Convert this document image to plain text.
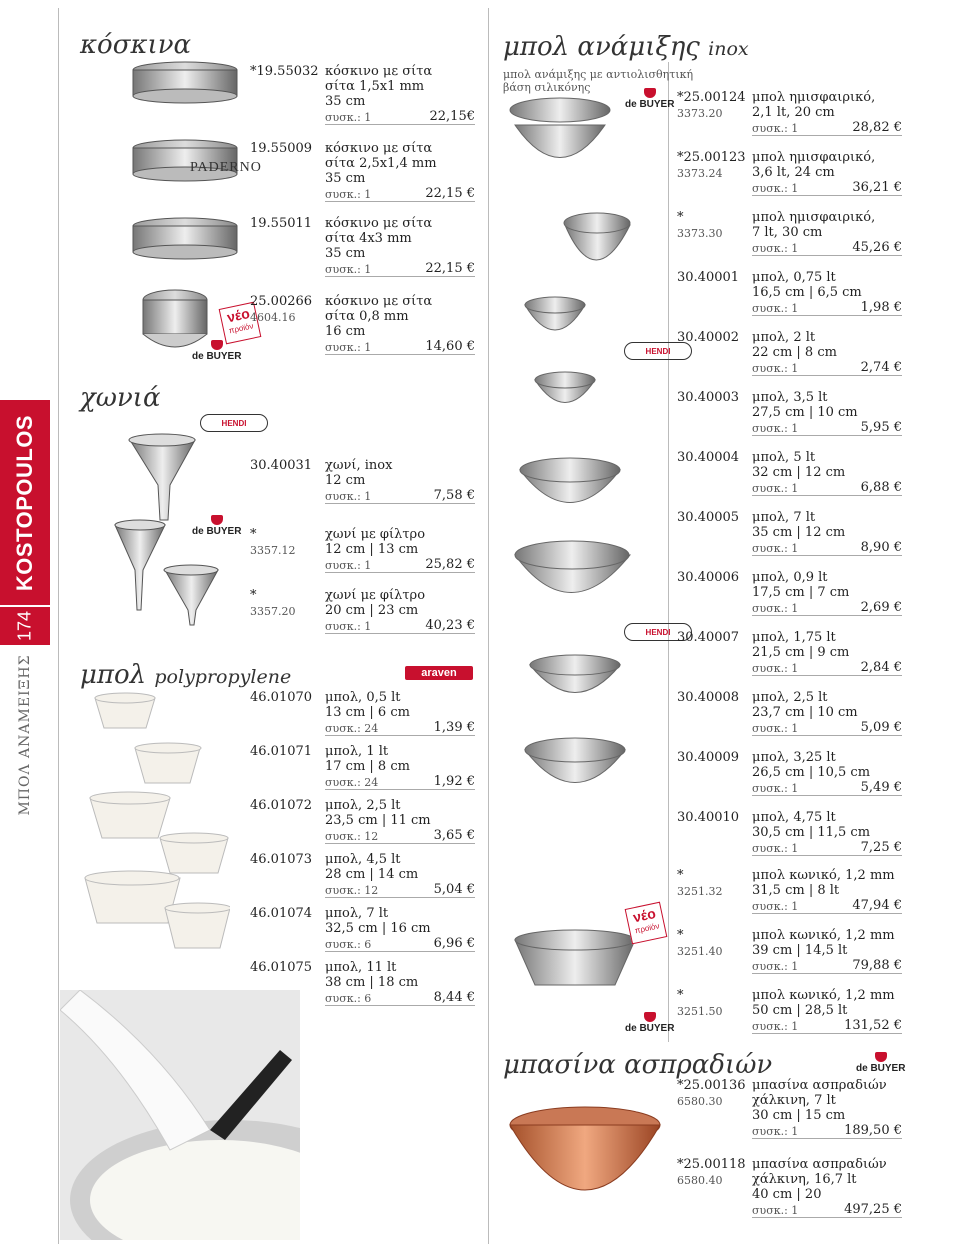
KOSTOPOULOS
174
ΜΠΟΛ ΑΝΑΜΕΙΞΗΣ
κόσκινα
χωνιά
μπολ polypropylene
μπολ ανάμιξης inox
μπολ ανάμιξης με αντιολισθητική
βάση σιλικόνης
μπασίνα ασπραδιών
PADERNO
de BUYER
HENDI
de BUYER
araven
de BUYER
HENDI
HENDI
de BUYER
de BUYER
νέο
προϊόν
νέο
προϊόν
*19.55032 κόσκινο με σίτα
σίτα 1,5x1 mm
35 cm
συσκ.: 1	22,15€
19.55009 κόσκινο με σίτα
σίτα 2,5x1,4 mm
35 cm
συσκ.: 1	22,15 €
19.55011 κόσκινο με σίτα
σίτα 4x3 mm
35 cm
συσκ.: 1	22,15 €
25.00266
4604.16
κόσκινο με σίτα
σίτα 0,8 mm
16 cm
συσκ.: 1	14,60 €
30.40031 χωνί, inox
12 cm
συσκ.: 1	7,58 €
*
3357.12
χωνί με φίλτρο
12 cm | 13 cm
συσκ.: 1	25,82 €
*
3357.20
χωνί με φίλτρο
20 cm | 23 cm
συσκ.: 1	40,23 €
46.01070 μπολ, 0,5 lt
13 cm | 6 cm
συσκ.: 24	1,39 €
46.01071 μπολ, 1 lt
17 cm | 8 cm
συσκ.: 24	1,92 €
46.01072 μπολ, 2,5 lt
23,5 cm | 11 cm
συσκ.: 12	3,65 €
46.01073 μπολ, 4,5 lt
28 cm | 14 cm
συσκ.: 12	5,04 €
46.01074 μπολ, 7 lt
32,5 cm | 16 cm
συσκ.: 6	6,96 €
46.01075 μπολ, 11 lt
38 cm | 18 cm
συσκ.: 6	8,44 €
*25.00124
3373.20
μπολ ημισφαιρικό,
2,1 lt, 20 cm
συσκ.: 1	28,82 €
*25.00123
3373.24
μπολ ημισφαιρικό,
3,6 lt, 24 cm
συσκ.: 1	36,21 €
*
3373.30
μπολ ημισφαιρικό,
7 lt, 30 cm
συσκ.: 1	45,26 €
30.40001 μπολ, 0,75 lt
16,5 cm | 6,5 cm
συσκ.: 1	1,98 €
30.40002 μπολ, 2 lt
22 cm | 8 cm
συσκ.: 1	2,74 €
30.40003 μπολ, 3,5 lt
27,5 cm | 10 cm
συσκ.: 1	5,95 €
30.40004 μπολ, 5 lt
32 cm | 12 cm
συσκ.: 1	6,88 €
30.40005 μπολ, 7 lt
35 cm | 12 cm
συσκ.: 1	8,90 €
30.40006 μπολ, 0,9 lt
17,5 cm | 7 cm
συσκ.: 1	2,69 €
30.40007 μπολ, 1,75 lt
21,5 cm | 9 cm
συσκ.: 1	2,84 €
30.40008 μπολ, 2,5 lt
23,7 cm | 10 cm
συσκ.: 1	5,09 €
30.40009 μπολ, 3,25 lt
26,5 cm | 10,5 cm
συσκ.: 1	5,49 €
30.40010 μπολ, 4,75 lt
30,5 cm | 11,5 cm
συσκ.: 1	7,25 €
*
3251.32
μπολ κωνικό, 1,2 mm
31,5 cm | 8 lt
συσκ.: 1	47,94 €
*
3251.40
μπολ κωνικό, 1,2 mm
39 cm | 14,5 lt
συσκ.: 1	79,88 €
*
3251.50
μπολ κωνικό, 1,2 mm
50 cm | 28,5 lt
συσκ.: 1	131,52 €
*25.00136
6580.30
μπασίνα ασπραδιών
χάλκινη, 7 lt
30 cm | 15 cm
συσκ.: 1	189,50 €
*25.00118
6580.40
μπασίνα ασπραδιών
χάλκινη, 16,7 lt
40 cm | 20
συσκ.: 1	497,25 €
